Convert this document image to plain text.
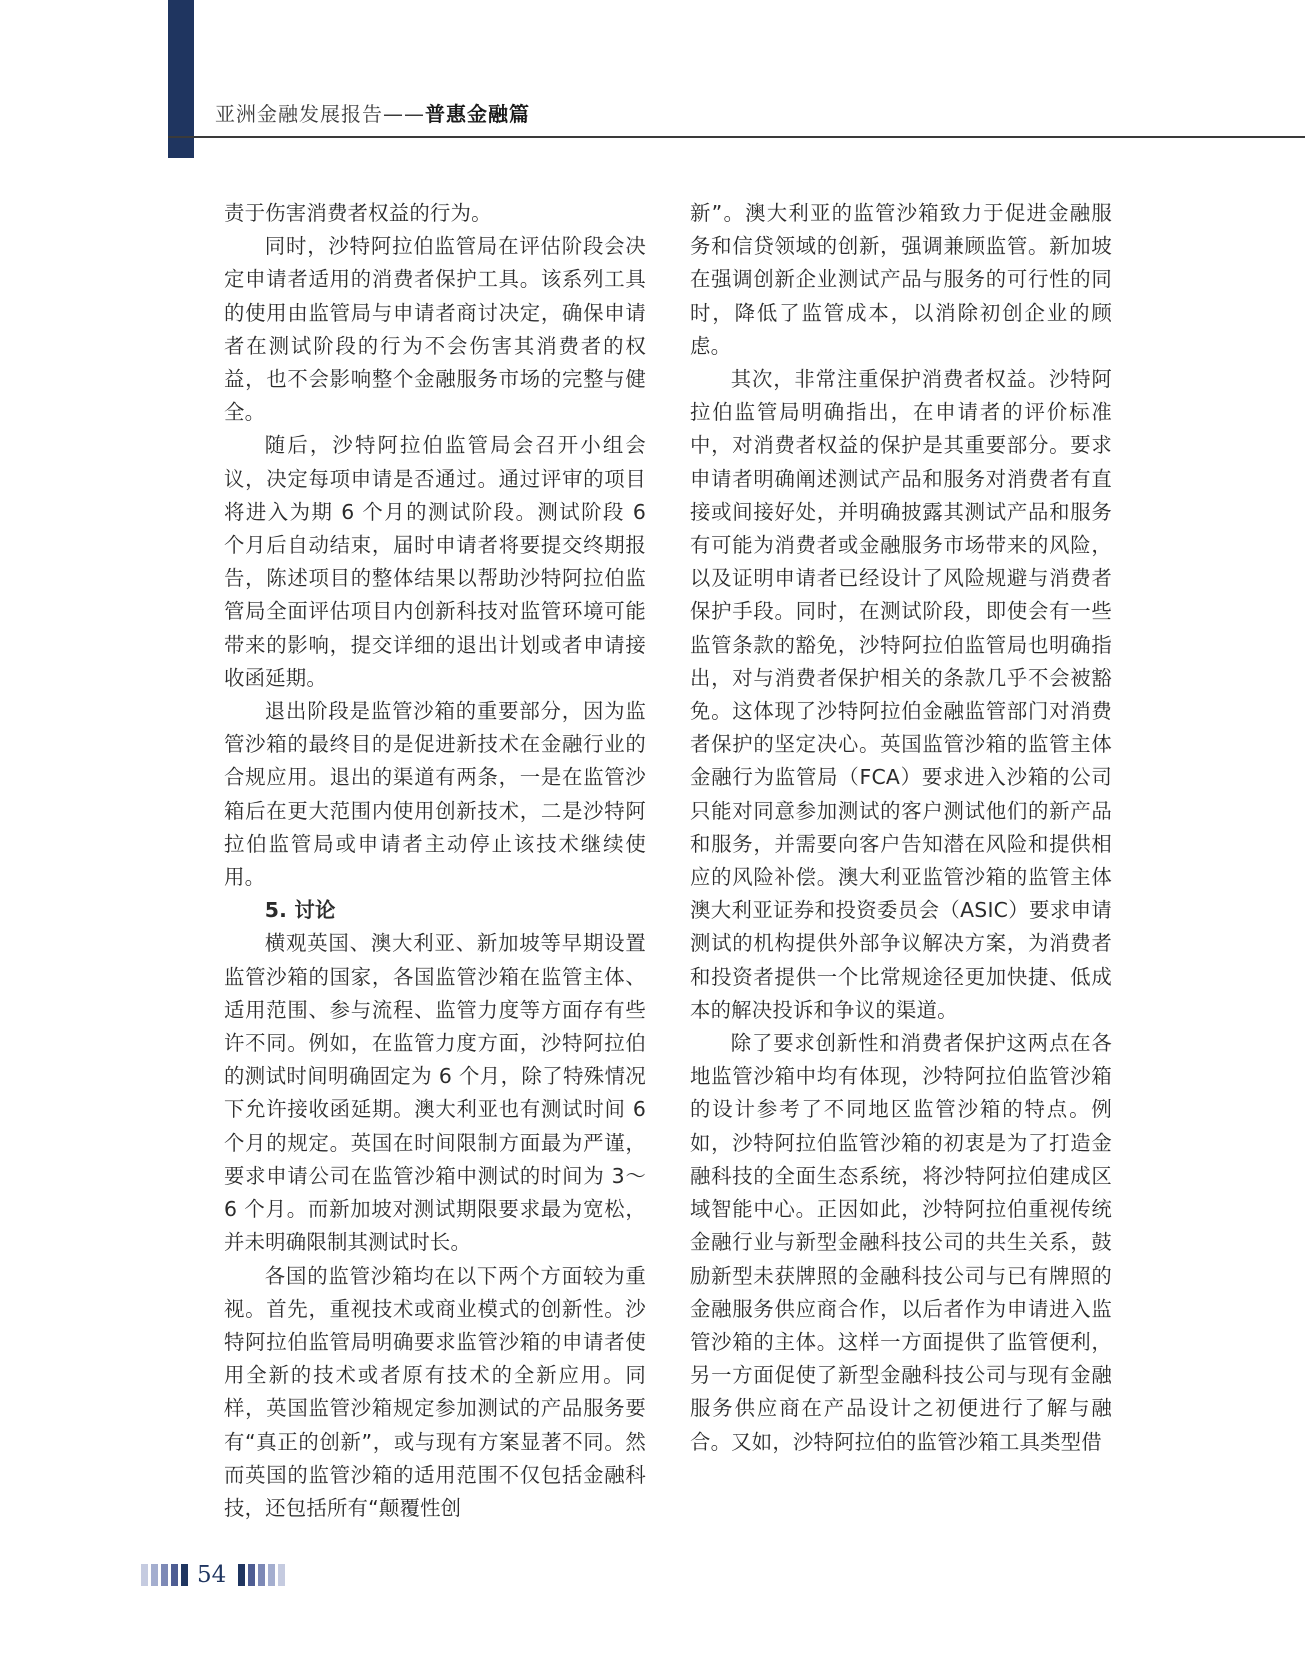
亚洲金融发展报告——普惠金融篇

责于伤害消费者权益的行为。

同时，沙特阿拉伯监管局在评估阶段会决定申请者适用的消费者保护工具。该系列工具的使用由监管局与申请者商讨决定，确保申请者在测试阶段的行为不会伤害其消费者的权益，也不会影响整个金融服务市场的完整与健全。

随后，沙特阿拉伯监管局会召开小组会议，决定每项申请是否通过。通过评审的项目将进入为期 6 个月的测试阶段。测试阶段 6 个月后自动结束，届时申请者将要提交终期报告，陈述项目的整体结果以帮助沙特阿拉伯监管局全面评估项目内创新科技对监管环境可能带来的影响，提交详细的退出计划或者申请接收函延期。

退出阶段是监管沙箱的重要部分，因为监管沙箱的最终目的是促进新技术在金融行业的合规应用。退出的渠道有两条，一是在监管沙箱后在更大范围内使用创新技术，二是沙特阿拉伯监管局或申请者主动停止该技术继续使用。

5. 讨论

横观英国、澳大利亚、新加坡等早期设置监管沙箱的国家，各国监管沙箱在监管主体、适用范围、参与流程、监管力度等方面存有些许不同。例如，在监管力度方面，沙特阿拉伯的测试时间明确固定为 6 个月，除了特殊情况下允许接收函延期。澳大利亚也有测试时间 6 个月的规定。英国在时间限制方面最为严谨，要求申请公司在监管沙箱中测试的时间为 3～6 个月。而新加坡对测试期限要求最为宽松，并未明确限制其测试时长。

各国的监管沙箱均在以下两个方面较为重视。首先，重视技术或商业模式的创新性。沙特阿拉伯监管局明确要求监管沙箱的申请者使用全新的技术或者原有技术的全新应用。同样，英国监管沙箱规定参加测试的产品服务要有“真正的创新”，或与现有方案显著不同。然而英国的监管沙箱的适用范围不仅包括金融科技，还包括所有“颠覆性创

新”。澳大利亚的监管沙箱致力于促进金融服务和信贷领域的创新，强调兼顾监管。新加坡在强调创新企业测试产品与服务的可行性的同时，降低了监管成本，以消除初创企业的顾虑。

其次，非常注重保护消费者权益。沙特阿拉伯监管局明确指出，在申请者的评价标准中，对消费者权益的保护是其重要部分。要求申请者明确阐述测试产品和服务对消费者有直接或间接好处，并明确披露其测试产品和服务有可能为消费者或金融服务市场带来的风险，以及证明申请者已经设计了风险规避与消费者保护手段。同时，在测试阶段，即使会有一些监管条款的豁免，沙特阿拉伯监管局也明确指出，对与消费者保护相关的条款几乎不会被豁免。这体现了沙特阿拉伯金融监管部门对消费者保护的坚定决心。英国监管沙箱的监管主体金融行为监管局（FCA）要求进入沙箱的公司只能对同意参加测试的客户测试他们的新产品和服务，并需要向客户告知潜在风险和提供相应的风险补偿。澳大利亚监管沙箱的监管主体澳大利亚证券和投资委员会（ASIC）要求申请测试的机构提供外部争议解决方案，为消费者和投资者提供一个比常规途径更加快捷、低成本的解决投诉和争议的渠道。

除了要求创新性和消费者保护这两点在各地监管沙箱中均有体现，沙特阿拉伯监管沙箱的设计参考了不同地区监管沙箱的特点。例如，沙特阿拉伯监管沙箱的初衷是为了打造金融科技的全面生态系统，将沙特阿拉伯建成区域智能中心。正因如此，沙特阿拉伯重视传统金融行业与新型金融科技公司的共生关系，鼓励新型未获牌照的金融科技公司与已有牌照的金融服务供应商合作，以后者作为申请进入监管沙箱的主体。这样一方面提供了监管便利，另一方面促使了新型金融科技公司与现有金融服务供应商在产品设计之初便进行了解与融合。又如，沙特阿拉伯的监管沙箱工具类型借

54
